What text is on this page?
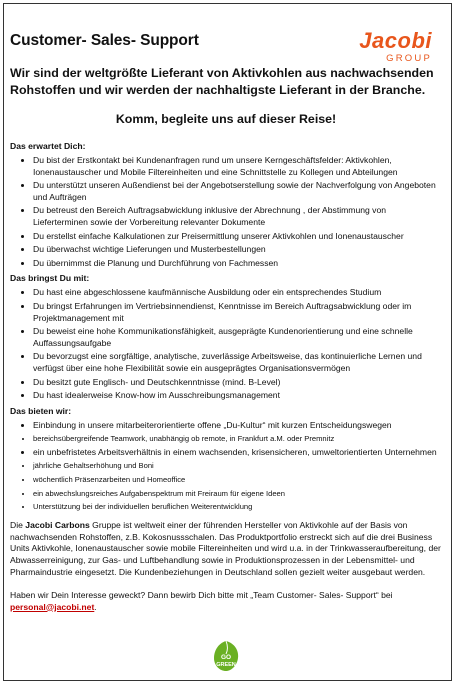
Customer- Sales- Support	Jacobi
GROUP

Wir sind der weltgrößte Lieferant von Aktivkohlen aus nachwachsenden Rohstoffen und wir werden der nachhaltigste Lieferant in der Branche.

Komm, begleite uns auf dieser Reise!

Das erwartet Dich:

• Du bist der Erstkontakt bei Kundenanfragen rund um unsere Kerngeschäftsfelder: Aktivkohlen, Ionenaustauscher und Mobile Filtereinheiten und eine Schnittstelle zu Kollegen und Abteilungen
• Du unterstützt unseren Außendienst bei der Angebotserstellung sowie der Nachverfolgung von Angeboten und Aufträgen
• Du betreust den Bereich Auftragsabwicklung inklusive der Abrechnung , der Abstimmung von Lieferterminen sowie der Vorbereitung relevanter Dokumente
• Du erstellst einfache Kalkulationen zur Preisermittlung unserer Aktivkohlen und Ionenaustauscher
• Du überwachst wichtige Lieferungen und Musterbestellungen
• Du übernimmst die Planung und Durchführung von Fachmessen

Das bringst Du mit:

• Du hast eine abgeschlossene kaufmännische Ausbildung oder ein entsprechendes Studium
• Du bringst Erfahrungen im Vertriebsinnendienst, Kenntnisse im Bereich Auftragsabwicklung oder im Projektmanagement mit
• Du beweist eine hohe Kommunikationsfähigkeit, ausgeprägte Kundenorientierung und eine schnelle Auffassungsaufgabe
• Du bevorzugst eine sorgfältige, analytische, zuverlässige Arbeitsweise, das kontinuierliche Lernen und verfügst über eine hohe Flexibilität sowie ein ausgeprägtes Organisationsvermögen
• Du besitzt gute Englisch- und Deutschkenntnisse (mind. B-Level)
• Du hast idealerweise Know-how im Ausschreibungsmanagement

Das bieten wir:

• Einbindung in unsere mitarbeiterorientierte offene „Du-Kultur“ mit kurzen Entscheidungswegen
• bereichsübergreifende Teamwork, unabhängig ob remote, in Frankfurt a.M. oder Premnitz
• ein unbefristetes Arbeitsverhältnis in einem wachsenden, krisensicheren, umweltorientierten Unternehmen
• jährliche Gehaltserhöhung und Boni
• wöchentlich Präsenzarbeiten und Homeoffice
• ein abwechslungsreiches Aufgabenspektrum mit Freiraum für eigene Ideen
• Unterstützung bei der individuellen beruflichen Weiterentwicklung

Die Jacobi Carbons Gruppe ist weltweit einer der führenden Hersteller von Aktivkohle auf der Basis von nachwachsenden Rohstoffen, z.B. Kokosnussschalen. Das Produktportfolio erstreckt sich auf die drei Business Units Aktivkohle, Ionenaustauscher sowie mobile Filtereinheiten und wird u.a. in der Trinkwasseraufbereitung, der Abwasserreinigung, zur Gas- und Luftbehandlung sowie in Produktionsprozessen in der Lebensmittel- und Pharmaindustrie eingesetzt. Die Kundenbeziehungen in Deutschland sollen gezielt weiter ausgebaut werden.

Haben wir Dein Interesse geweckt? Dann bewirb Dich bitte mit „Team Customer- Sales- Support“ bei personal@jacobi.net.

GO
GREEN
